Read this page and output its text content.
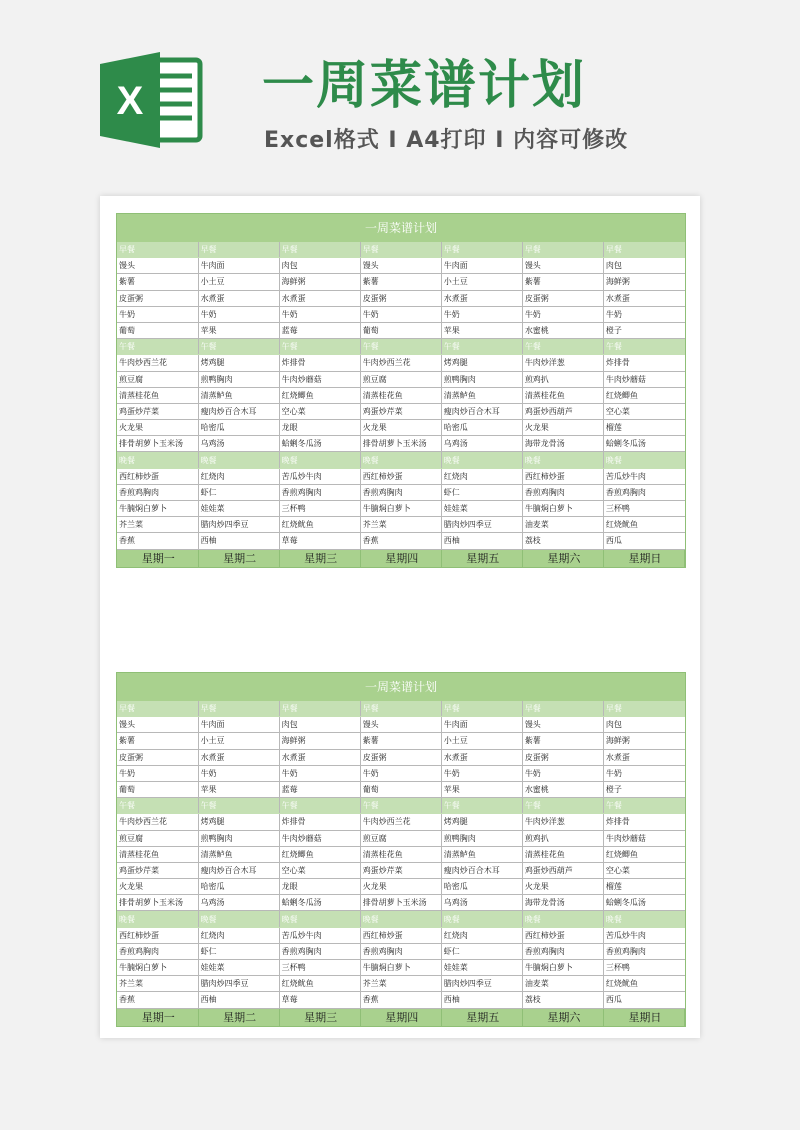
X 一周菜谱计划
Excel格式 I A4打印 I 内容可修改
一周菜谱计划
早餐	早餐	早餐	早餐	早餐	早餐	早餐
馒头	牛肉面	肉包	馒头	牛肉面	馒头	肉包
紫薯	小土豆	海鲜粥	紫薯	小土豆	紫薯	海鲜粥
皮蛋粥	水煮蛋	水煮蛋	皮蛋粥	水煮蛋	皮蛋粥	水煮蛋
牛奶	牛奶	牛奶	牛奶	牛奶	牛奶	牛奶
葡萄	苹果	蓝莓	葡萄	苹果	水蜜桃	橙子
午餐	午餐	午餐	午餐	午餐	午餐	午餐
牛肉炒西兰花	烤鸡腿	炸排骨	牛肉炒西兰花	烤鸡腿	牛肉炒洋葱	炸排骨
煎豆腐	煎鸭胸肉	牛肉炒蘑菇	煎豆腐	煎鸭胸肉	煎鸡扒	牛肉炒蘑菇
清蒸桂花鱼	清蒸鲈鱼	红烧鲫鱼	清蒸桂花鱼	清蒸鲈鱼	清蒸桂花鱼	红烧鲫鱼
鸡蛋炒芹菜	瘦肉炒百合木耳	空心菜	鸡蛋炒芹菜	瘦肉炒百合木耳	鸡蛋炒西葫芦	空心菜
火龙果	哈密瓜	龙眼	火龙果	哈密瓜	火龙果	榴莲
排骨胡萝卜玉米汤	乌鸡汤	蛤蜊冬瓜汤	排骨胡萝卜玉米汤	乌鸡汤	海带龙骨汤	蛤蜊冬瓜汤
晚餐	晚餐	晚餐	晚餐	晚餐	晚餐	晚餐
西红柿炒蛋	红烧肉	苦瓜炒牛肉	西红柿炒蛋	红烧肉	西红柿炒蛋	苦瓜炒牛肉
香煎鸡胸肉	虾仁	香煎鸡胸肉	香煎鸡胸肉	虾仁	香煎鸡胸肉	香煎鸡胸肉
牛腩焖白萝卜	娃娃菜	三杯鸭	牛腩焖白萝卜	娃娃菜	牛腩焖白萝卜	三杯鸭
芥兰菜	腊肉炒四季豆	红烧鱿鱼	芥兰菜	腊肉炒四季豆	油麦菜	红烧鱿鱼
香蕉	西柚	草莓	香蕉	西柚	荔枝	西瓜
星期一	星期二	星期三	星期四	星期五	星期六	星期日
一周菜谱计划
早餐	早餐	早餐	早餐	早餐	早餐	早餐
馒头	牛肉面	肉包	馒头	牛肉面	馒头	肉包
紫薯	小土豆	海鲜粥	紫薯	小土豆	紫薯	海鲜粥
皮蛋粥	水煮蛋	水煮蛋	皮蛋粥	水煮蛋	皮蛋粥	水煮蛋
牛奶	牛奶	牛奶	牛奶	牛奶	牛奶	牛奶
葡萄	苹果	蓝莓	葡萄	苹果	水蜜桃	橙子
午餐	午餐	午餐	午餐	午餐	午餐	午餐
牛肉炒西兰花	烤鸡腿	炸排骨	牛肉炒西兰花	烤鸡腿	牛肉炒洋葱	炸排骨
煎豆腐	煎鸭胸肉	牛肉炒蘑菇	煎豆腐	煎鸭胸肉	煎鸡扒	牛肉炒蘑菇
清蒸桂花鱼	清蒸鲈鱼	红烧鲫鱼	清蒸桂花鱼	清蒸鲈鱼	清蒸桂花鱼	红烧鲫鱼
鸡蛋炒芹菜	瘦肉炒百合木耳	空心菜	鸡蛋炒芹菜	瘦肉炒百合木耳	鸡蛋炒西葫芦	空心菜
火龙果	哈密瓜	龙眼	火龙果	哈密瓜	火龙果	榴莲
排骨胡萝卜玉米汤	乌鸡汤	蛤蜊冬瓜汤	排骨胡萝卜玉米汤	乌鸡汤	海带龙骨汤	蛤蜊冬瓜汤
晚餐	晚餐	晚餐	晚餐	晚餐	晚餐	晚餐
西红柿炒蛋	红烧肉	苦瓜炒牛肉	西红柿炒蛋	红烧肉	西红柿炒蛋	苦瓜炒牛肉
香煎鸡胸肉	虾仁	香煎鸡胸肉	香煎鸡胸肉	虾仁	香煎鸡胸肉	香煎鸡胸肉
牛腩焖白萝卜	娃娃菜	三杯鸭	牛腩焖白萝卜	娃娃菜	牛腩焖白萝卜	三杯鸭
芥兰菜	腊肉炒四季豆	红烧鱿鱼	芥兰菜	腊肉炒四季豆	油麦菜	红烧鱿鱼
香蕉	西柚	草莓	香蕉	西柚	荔枝	西瓜
星期一	星期二	星期三	星期四	星期五	星期六	星期日
